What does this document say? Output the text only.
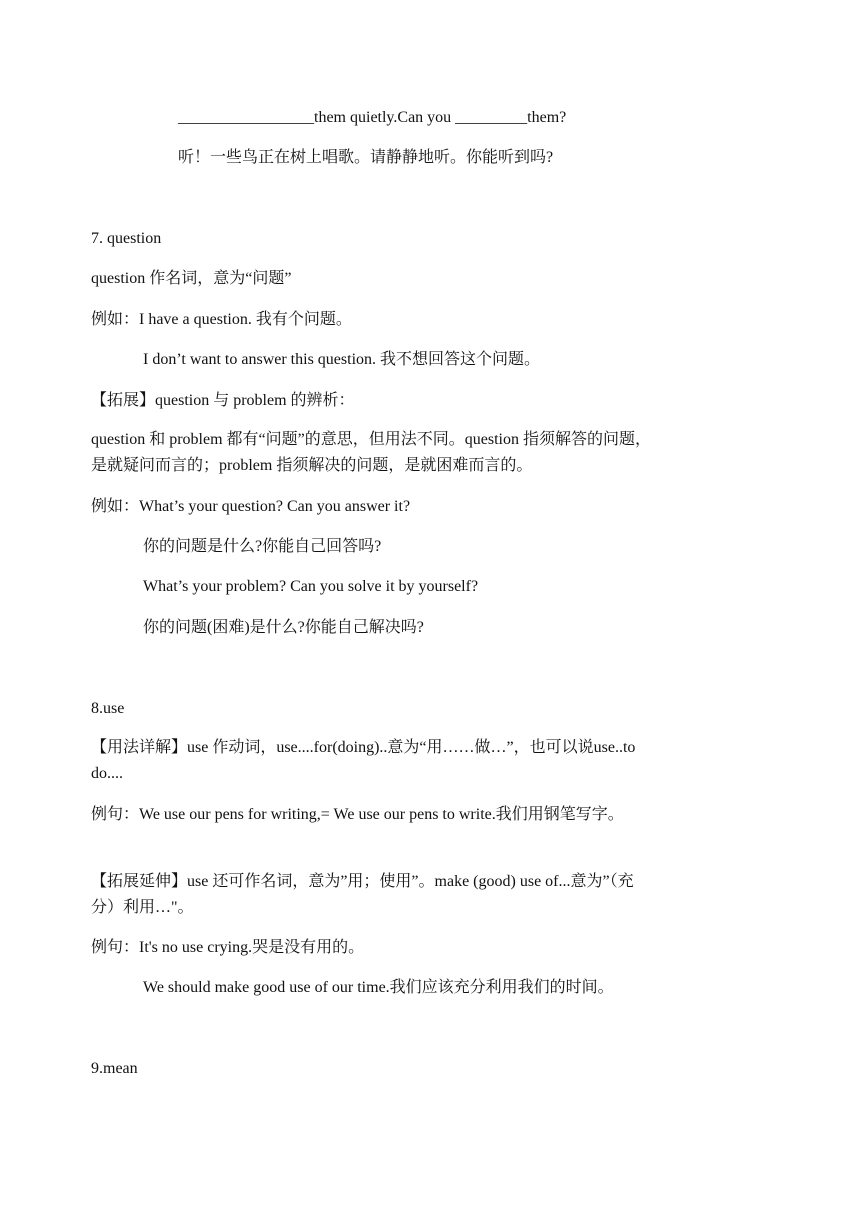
_________________them quietly.Can you _________them?
听！一些鸟正在树上唱歌。请静静地听。你能听到吗?
7. question
question 作名词，意为“问题”
例如：I have a question. 我有个问题。
I don’t want to answer this question. 我不想回答这个问题。
【拓展】question 与 problem 的辨析：
question 和 problem 都有“问题”的意思，但用法不同。question 指须解答的问题，是就疑问而言的；problem 指须解决的问题，是就困难而言的。
例如：What’s your question? Can you answer it?
你的问题是什么?你能自己回答吗?
What’s your problem? Can you solve it by yourself?
你的问题(困难)是什么?你能自己解决吗?
8.use
【用法详解】use 作动词，use....for(doing)..意为“用……做…”，也可以说use..to do....
例句：We use our pens for writing,= We use our pens to write.我们用钢笔写字。
【拓展延伸】use 还可作名词，意为”用；使用”。make (good) use of...意为”（充分）利用…"。
例句：It's no use crying.哭是没有用的。
We should make good use of our time.我们应该充分利用我们的时间。
9.mean
